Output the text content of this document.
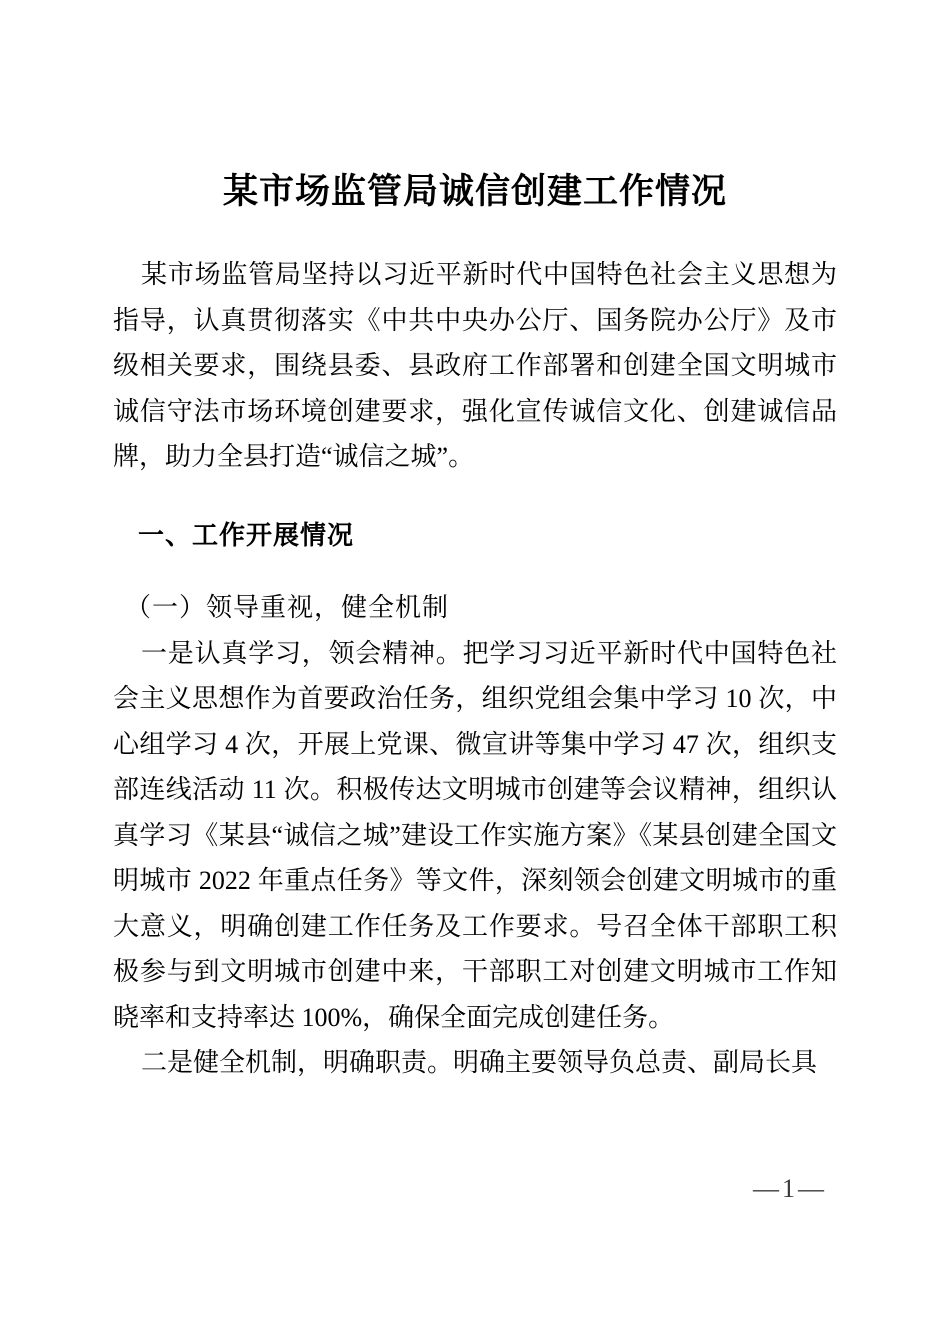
某市场监管局诚信创建工作情况

某市场监管局坚持以习近平新时代中国特色社会主义思想为指导，认真贯彻落实《中共中央办公厅、国务院办公厅》及市级相关要求，围绕县委、县政府工作部署和创建全国文明城市诚信守法市场环境创建要求，强化宣传诚信文化、创建诚信品牌，助力全县打造“诚信之城”。

一、工作开展情况
（一）领导重视，健全机制

一是认真学习，领会精神。把学习习近平新时代中国特色社会主义思想作为首要政治任务，组织党组会集中学习 10 次，中心组学习 4 次，开展上党课、微宣讲等集中学习 47 次，组织支部连线活动 11 次。积极传达文明城市创建等会议精神，组织认真学习《某县“诚信之城”建设工作实施方案》《某县创建全国文明城市 2022 年重点任务》等文件，深刻领会创建文明城市的重大意义，明确创建工作任务及工作要求。号召全体干部职工积极参与到文明城市创建中来，干部职工对创建文明城市工作知晓率和支持率达 100%，确保全面完成创建任务。

二是健全机制，明确职责。明确主要领导负总责、副局长具

—1—
